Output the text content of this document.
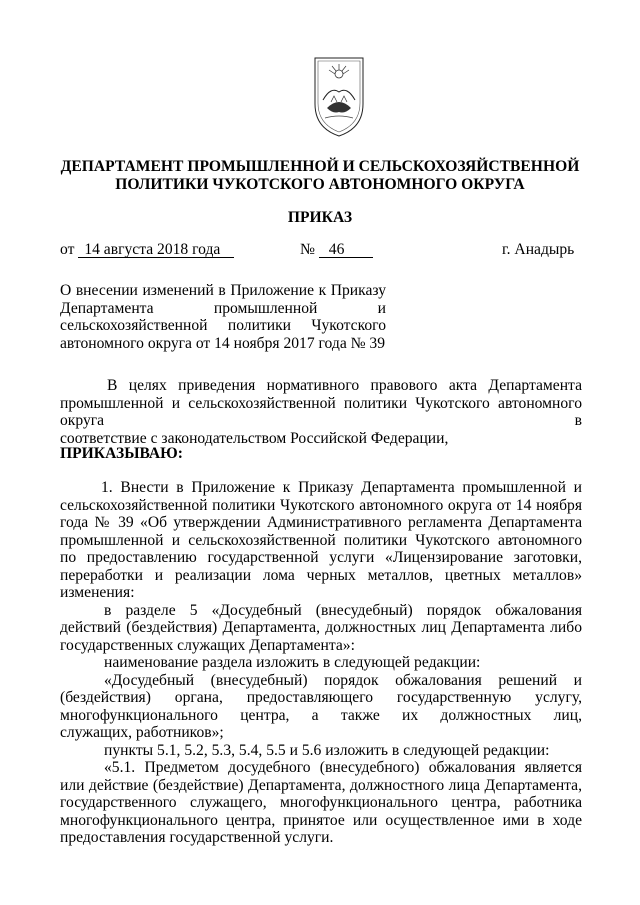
ДЕПАРТАМЕНТ ПРОМЫШЛЕННОЙ И СЕЛЬСКОХОЗЯЙСТВЕННОЙ
ПОЛИТИКИ ЧУКОТСКОГО АВТОНОМНОГО ОКРУГА
ПРИКАЗ
от 14 августа 2018 года	№ 46	г. Анадырь
О внесении изменений в Приложение к Приказу
Департамента промышленной и
сельскохозяйственной политики Чукотского
автономного округа от 14 ноября 2017 года № 39
В целях приведения нормативного правового акта Департамента
промышленной и сельскохозяйственной политики Чукотского автономного округа в
соответствие с законодательством Российской Федерации,
ПРИКАЗЫВАЮ:
1. Внести в Приложение к Приказу Департамента промышленной и
сельскохозяйственной политики Чукотского автономного округа от 14 ноября
года № 39 «Об утверждении Административного регламента Департамента
промышленной и сельскохозяйственной политики Чукотского автономного
по предоставлению государственной услуги «Лицензирование заготовки,
переработки и реализации лома черных металлов, цветных металлов»
изменения:
в разделе 5 «Досудебный (внесудебный) порядок обжалования
действий (бездействия) Департамента, должностных лиц Департамента либо
государственных служащих Департамента»:
наименование раздела изложить в следующей редакции:
«Досудебный (внесудебный) порядок обжалования решений и
(бездействия) органа, предоставляющего государственную услугу,
многофункционального центра, а также их должностных лиц,
служащих, работников»;
пункты 5.1, 5.2, 5.3, 5.4, 5.5 и 5.6 изложить в следующей редакции:
«5.1. Предметом досудебного (внесудебного) обжалования является
или действие (бездействие) Департамента, должностного лица Департамента,
государственного служащего, многофункционального центра, работника
многофункционального центра, принятое или осуществленное ими в ходе
предоставления государственной услуги.
